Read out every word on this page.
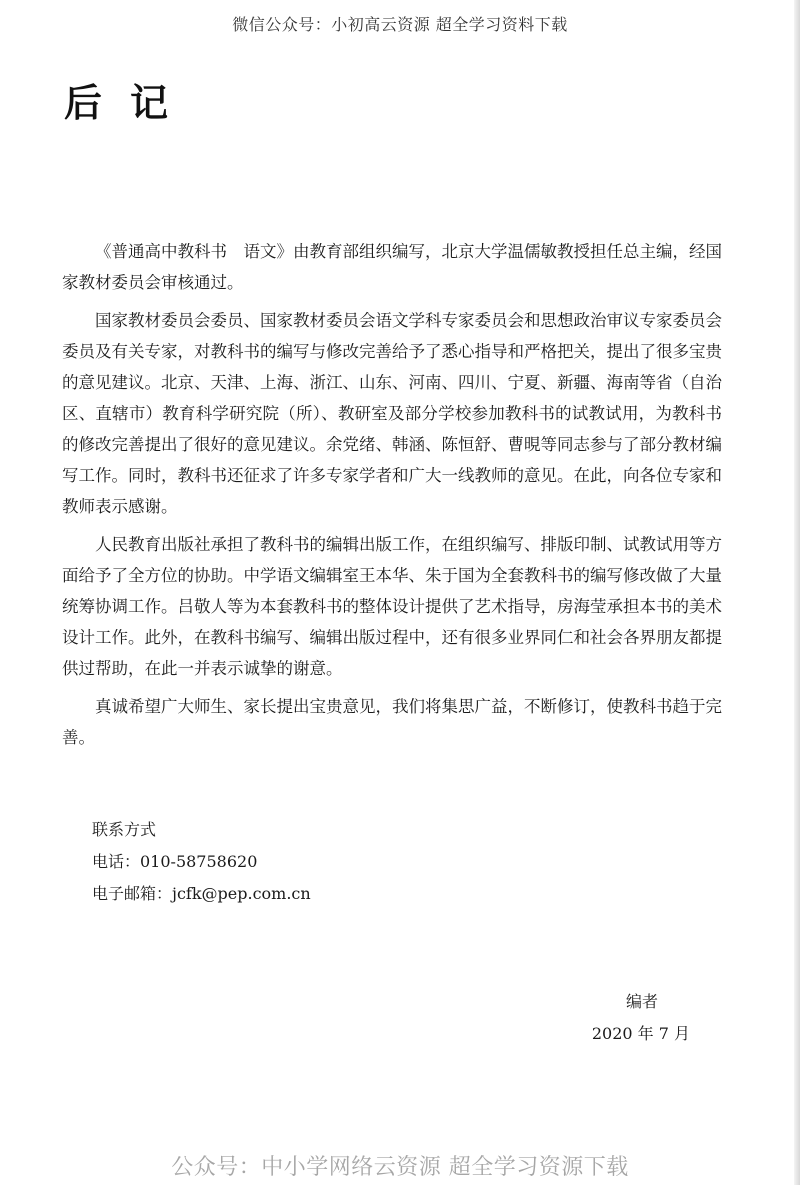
微信公众号：小初高云资源 超全学习资料下载
后记

《普通高中教科书　语文》由教育部组织编写，北京大学温儒敏教授担任总主编，经国家教材委员会审核通过。

国家教材委员会委员、国家教材委员会语文学科专家委员会和思想政治审议专家委员会委员及有关专家，对教科书的编写与修改完善给予了悉心指导和严格把关，提出了很多宝贵的意见建议。北京、天津、上海、浙江、山东、河南、四川、宁夏、新疆、海南等省（自治区、直辖市）教育科学研究院（所）、教研室及部分学校参加教科书的试教试用，为教科书的修改完善提出了很好的意见建议。余党绪、韩涵、陈恒舒、曹晛等同志参与了部分教材编写工作。同时，教科书还征求了许多专家学者和广大一线教师的意见。在此，向各位专家和教师表示感谢。

人民教育出版社承担了教科书的编辑出版工作，在组织编写、排版印制、试教试用等方面给予了全方位的协助。中学语文编辑室王本华、朱于国为全套教科书的编写修改做了大量统筹协调工作。吕敬人等为本套教科书的整体设计提供了艺术指导，房海莹承担本书的美术设计工作。此外，在教科书编写、编辑出版过程中，还有很多业界同仁和社会各界朋友都提供过帮助，在此一并表示诚挚的谢意。

真诚希望广大师生、家长提出宝贵意见，我们将集思广益，不断修订，使教科书趋于完善。

联系方式
电话：010-58758620
电子邮箱：jcfk@pep.com.cn
编者
2020 年 7 月
公众号：中小学网络云资源 超全学习资源下载
